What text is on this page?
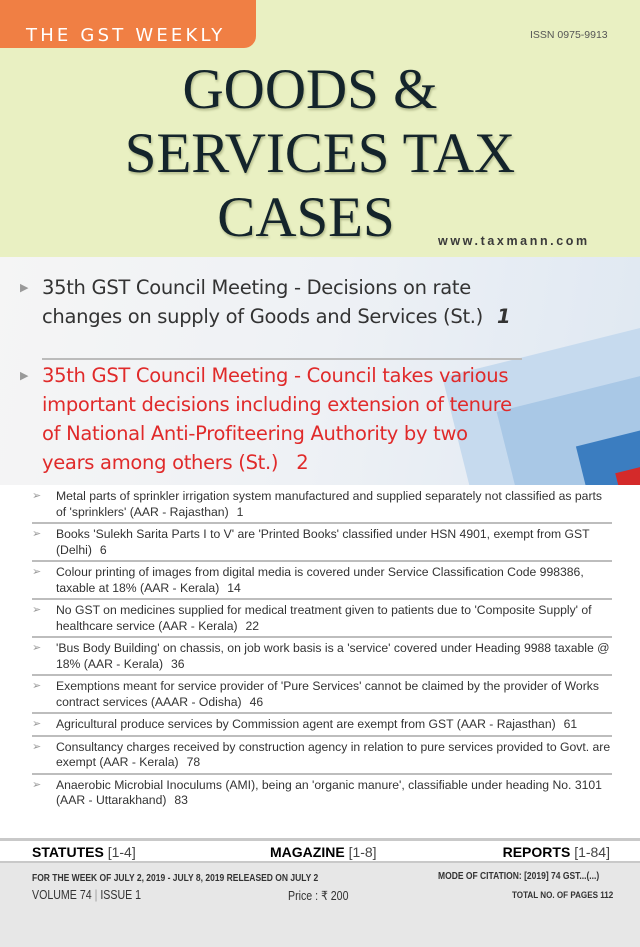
THE GST WEEKLY	ISSN 0975-9913
GOODS &
SERVICES TAX
CASES	www.taxmann.com
▶ 35th GST Council Meeting - Decisions on rate
changes on supply of Goods and Services (St.) 1
▶ 35th GST Council Meeting - Council takes various
important decisions including extension of tenure
of National Anti-Profiteering Authority by two
years among others (St.) 2
➢ Metal parts of sprinkler irrigation system manufactured and supplied separately not classified as parts of 'sprinklers' (AAR - Rajasthan) 1
➢ Books 'Sulekh Sarita Parts I to V' are 'Printed Books' classified under HSN 4901, exempt from GST (Delhi) 6
➢ Colour printing of images from digital media is covered under Service Classification Code 998386, taxable at 18% (AAR - Kerala) 14
➢ No GST on medicines supplied for medical treatment given to patients due to 'Composite Supply' of healthcare service (AAR - Kerala) 22
➢ 'Bus Body Building' on chassis, on job work basis is a 'service' covered under Heading 9988 taxable @ 18% (AAR - Kerala) 36
➢ Exemptions meant for service provider of 'Pure Services' cannot be claimed by the provider of Works contract services (AAAR - Odisha) 46
➢ Agricultural produce services by Commission agent are exempt from GST (AAR - Rajasthan) 61
➢ Consultancy charges received by construction agency in relation to pure services provided to Govt. are exempt (AAR - Kerala) 78
➢ Anaerobic Microbial Inoculums (AMI), being an 'organic manure', classifiable under heading No. 3101 (AAR - Uttarakhand) 83
STATUTES [1-4]	MAGAZINE [1-8]	REPORTS [1-84]
FOR THE WEEK OF JULY 2, 2019 - JULY 8, 2019 RELEASED ON JULY 2
VOLUME 74 | ISSUE 1	Price : ₹ 200
MODE OF CITATION: [2019] 74 GST...(...)
TOTAL NO. OF PAGES 112
